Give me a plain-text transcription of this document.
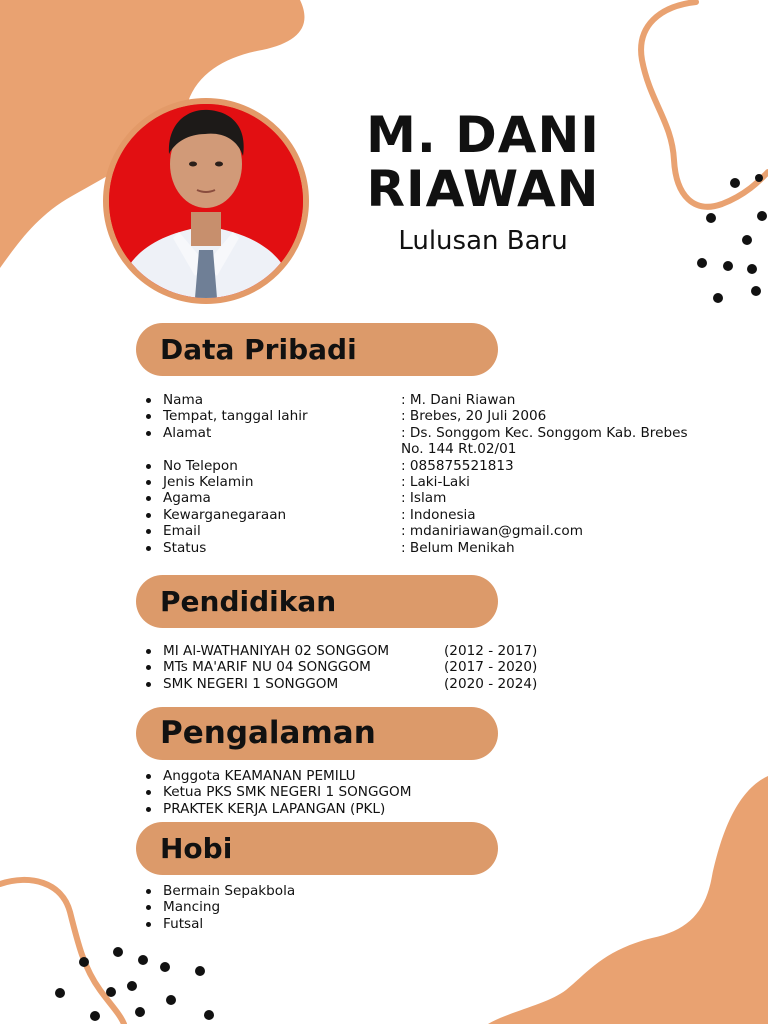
M. DANI
RIAWAN

Lulusan Baru

Data Pribadi
Nama	: M. Dani Riawan
Tempat, tanggal lahir	: Brebes, 20 Juli 2006
Alamat	: Ds. Songgom Kec. Songgom Kab. Brebes
No. 144 Rt.02/01
No Telepon	: 085875521813
Jenis Kelamin	: Laki-Laki
Agama	: Islam
Kewarganegaraan	: Indonesia
Email	: mdaniriawan@gmail.com
Status	: Belum Menikah
Pendidikan
MI Al-WATHANIYAH 02 SONGGOM	(2012 - 2017)
MTs MA'ARIF NU 04 SONGGOM	(2017 - 2020)
SMK NEGERI 1 SONGGOM	(2020 - 2024)
Pengalaman
Anggota KEAMANAN PEMILU
Ketua PKS SMK NEGERI 1 SONGGOM
PRAKTEK KERJA LAPANGAN (PKL)
Hobi
Bermain Sepakbola
Mancing
Futsal
